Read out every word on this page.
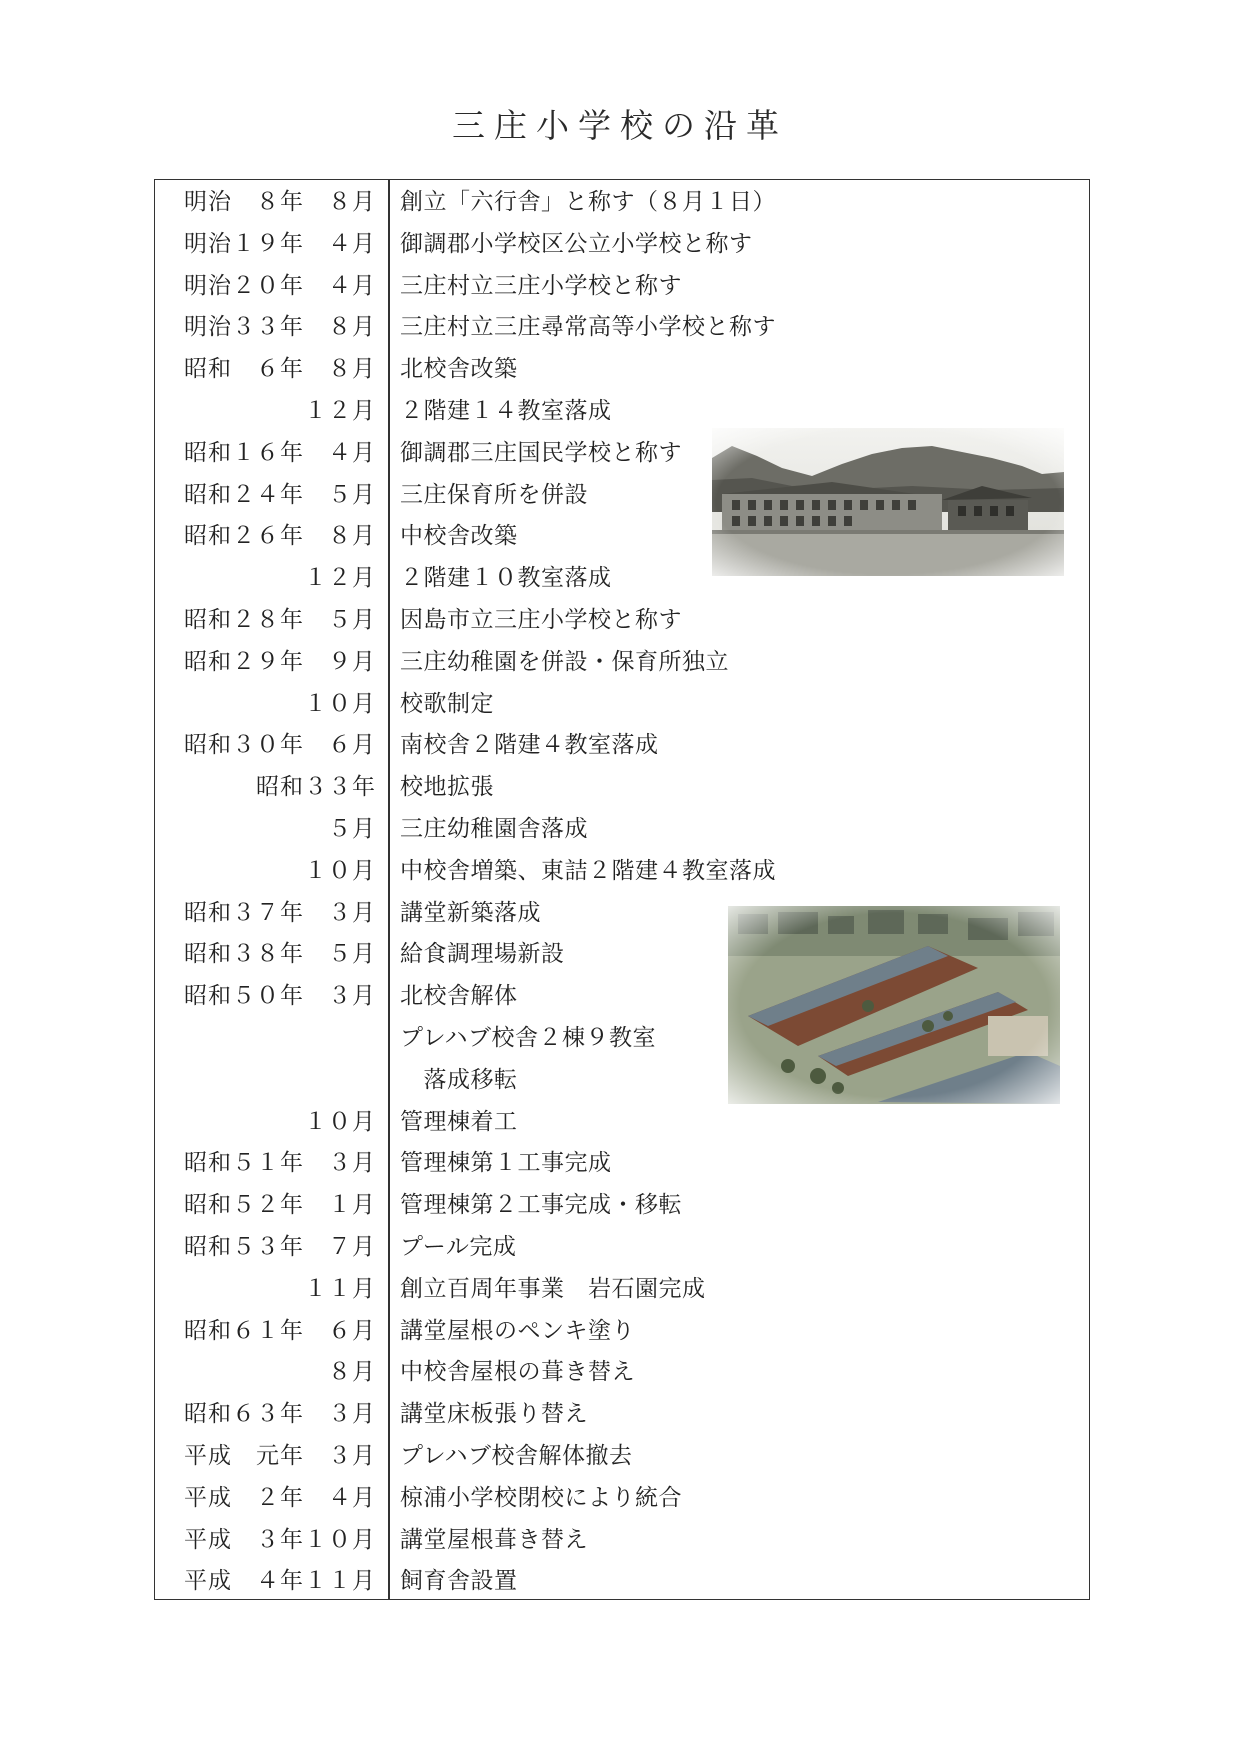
三庄小学校の沿革
明治　８年　８月 創立「六行舎」と称す（８月１日）
明治１９年　４月 御調郡小学校区公立小学校と称す
明治２０年　４月 三庄村立三庄小学校と称す
明治３３年　８月 三庄村立三庄尋常高等小学校と称す
昭和　６年　８月 北校舎改築
１２月 ２階建１４教室落成
昭和１６年　４月 御調郡三庄国民学校と称す
昭和２４年　５月 三庄保育所を併設
昭和２６年　８月 中校舎改築
１２月 ２階建１０教室落成
昭和２８年　５月 因島市立三庄小学校と称す
昭和２９年　９月 三庄幼稚園を併設・保育所独立
１０月 校歌制定
昭和３０年　６月 南校舎２階建４教室落成
昭和３３年 校地拡張
５月 三庄幼稚園舎落成
１０月 中校舎増築、東詰２階建４教室落成
昭和３７年　３月 講堂新築落成
昭和３８年　５月 給食調理場新設
昭和５０年　３月 北校舎解体
プレハブ校舎２棟９教室
　落成移転
１０月 管理棟着工
昭和５１年　３月 管理棟第１工事完成
昭和５２年　１月 管理棟第２工事完成・移転
昭和５３年　７月 プール完成
１１月 創立百周年事業　岩石園完成
昭和６１年　６月 講堂屋根のペンキ塗り
８月 中校舎屋根の葺き替え
昭和６３年　３月 講堂床板張り替え
平成　元年　３月 プレハブ校舎解体撤去
平成　２年　４月 椋浦小学校閉校により統合
平成　３年１０月 講堂屋根葺き替え
平成　４年１１月 飼育舎設置
